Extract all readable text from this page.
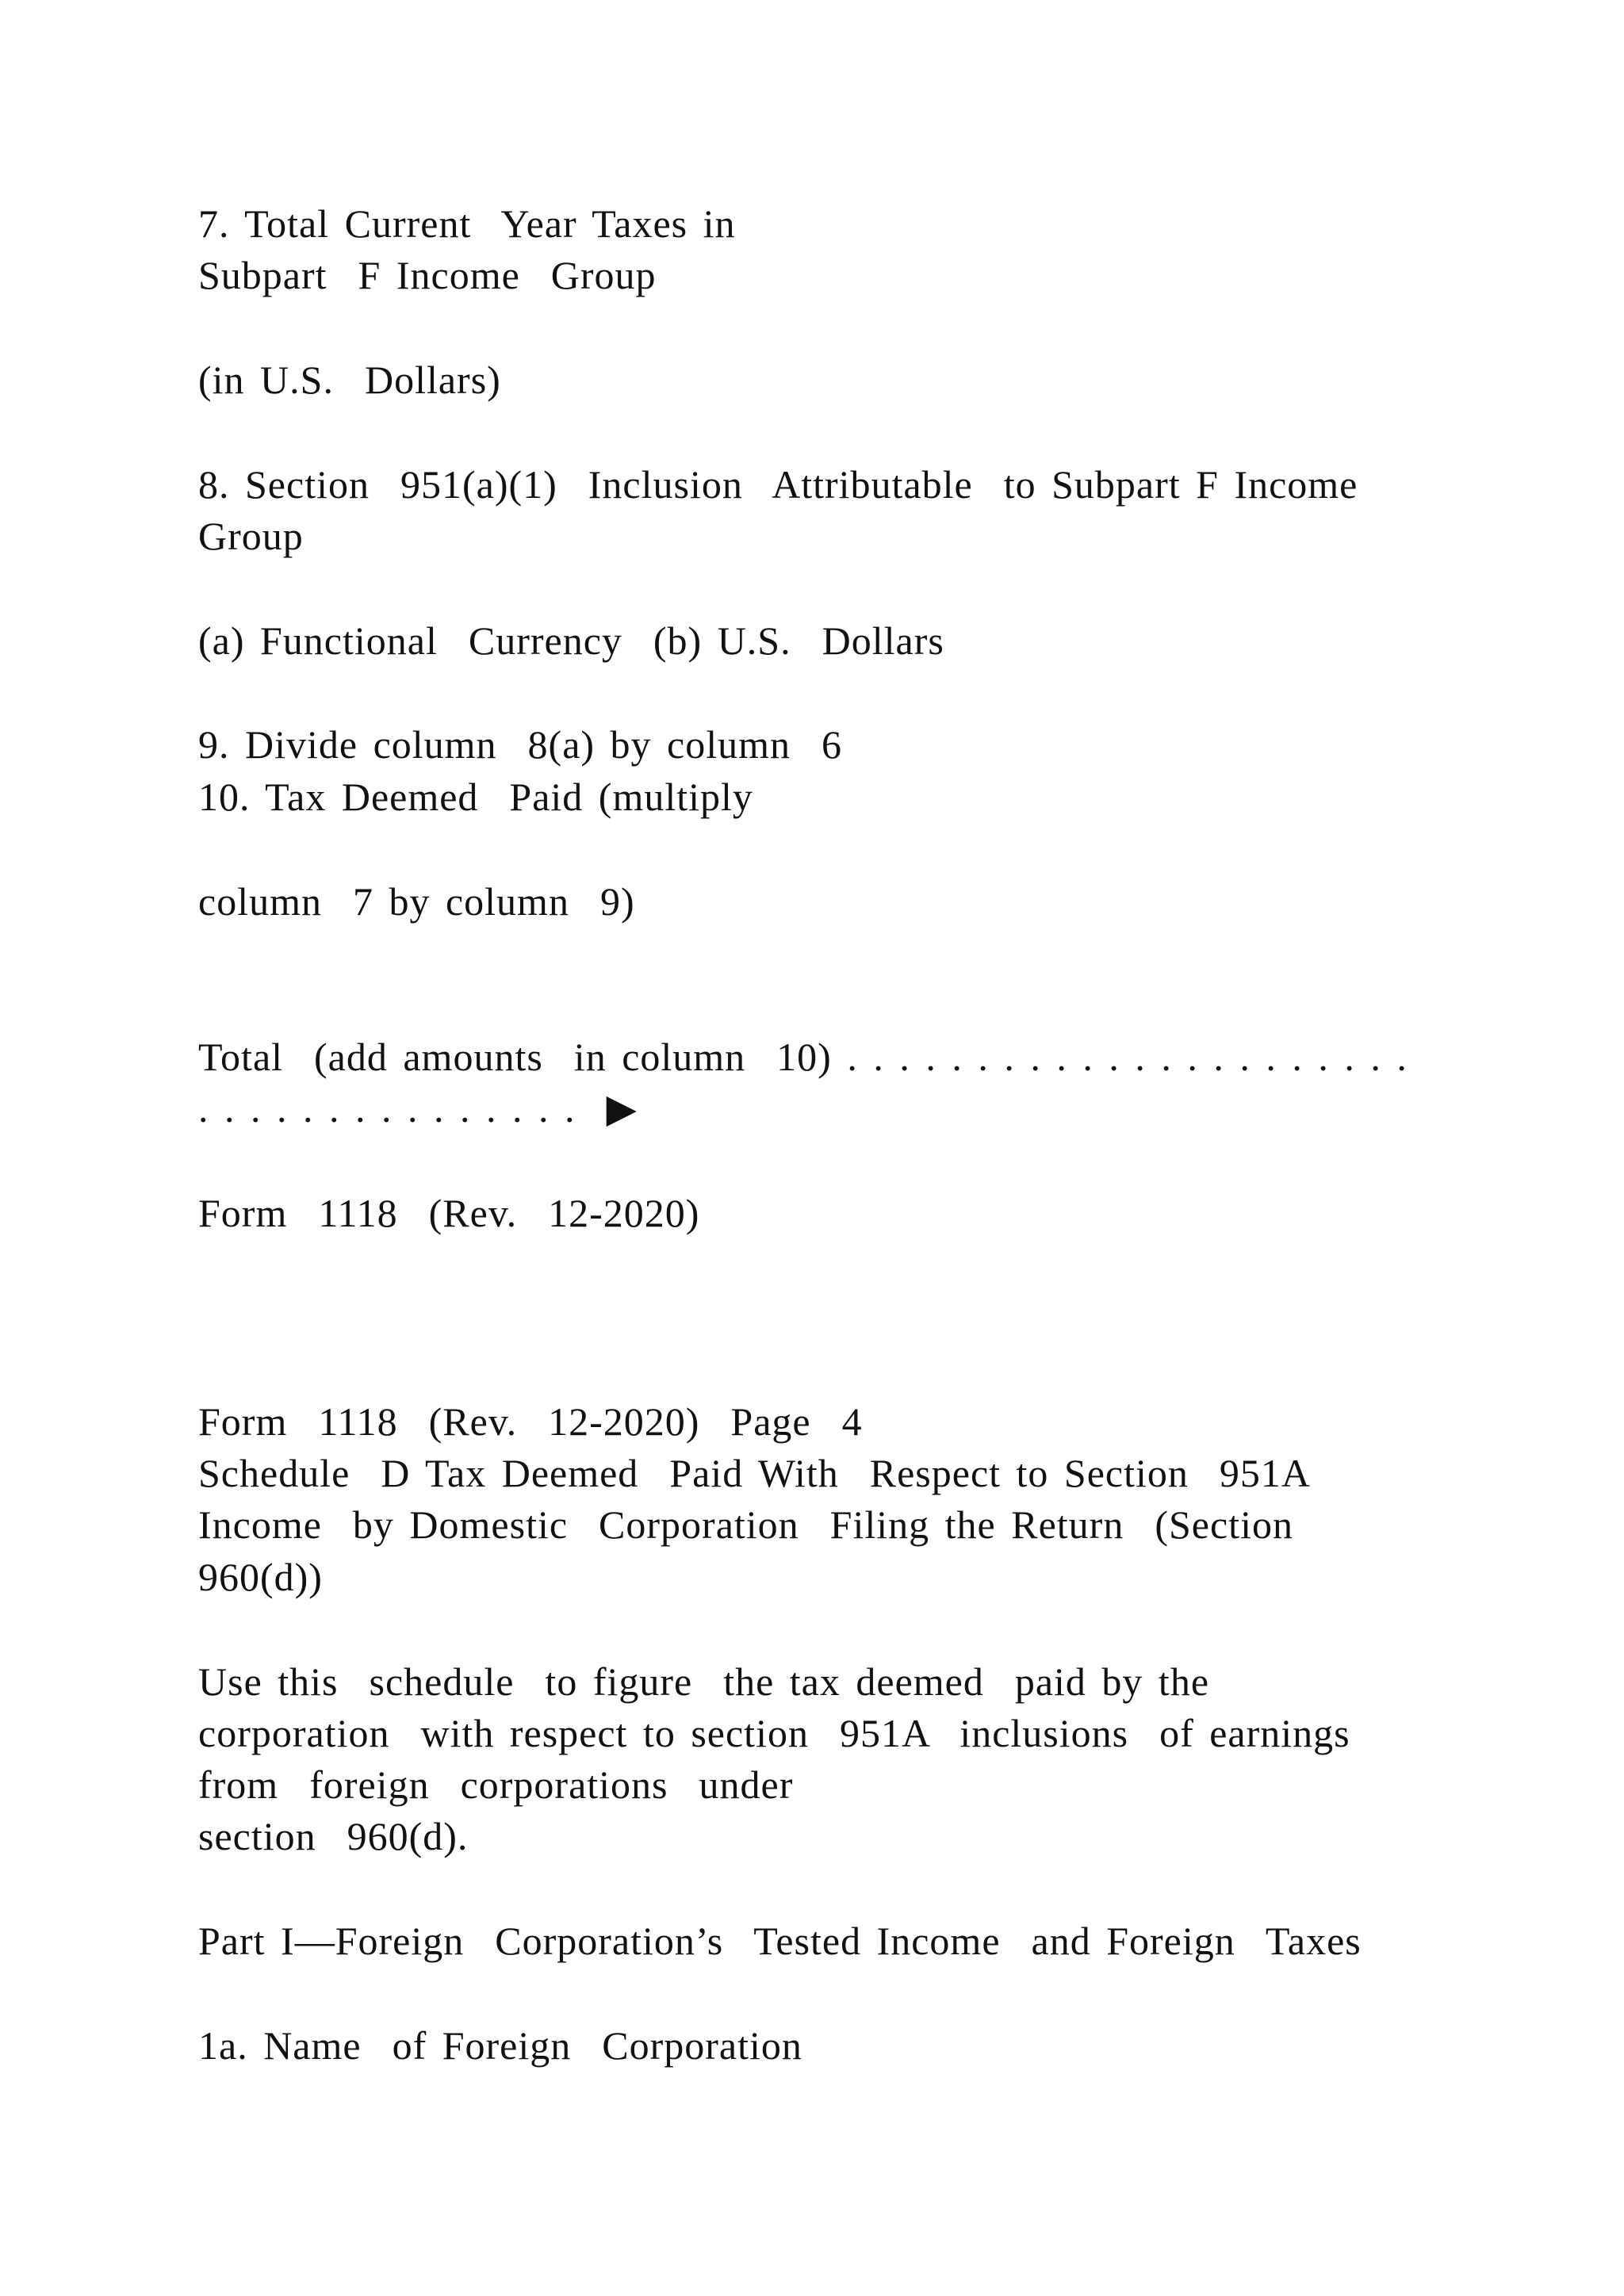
7. Total Current  Year Taxes in

Subpart  F Income  Group

(in U.S.  Dollars)

8. Section  951(a)(1)  Inclusion  Attributable  to Subpart F Income

Group

(a) Functional  Currency  (b) U.S.  Dollars

9. Divide column  8(a) by column  6

10. Tax Deemed  Paid (multiply

column  7 by column  9)

Total  (add amounts  in column  10) . . . . . . . . . . . . . . . . . . . . . .

. . . . . . . . . . . . . . .  ▶

Form  1118  (Rev.  12-2020)

Form  1118  (Rev.  12-2020)  Page  4

Schedule  D Tax Deemed  Paid With  Respect to Section  951A

Income  by Domestic  Corporation  Filing the Return  (Section

960(d))

Use this  schedule  to figure  the tax deemed  paid by the

corporation  with respect to section  951A  inclusions  of earnings

from  foreign  corporations  under

section  960(d).

Part I—Foreign  Corporation’s  Tested Income  and Foreign  Taxes

1a. Name  of Foreign  Corporation
